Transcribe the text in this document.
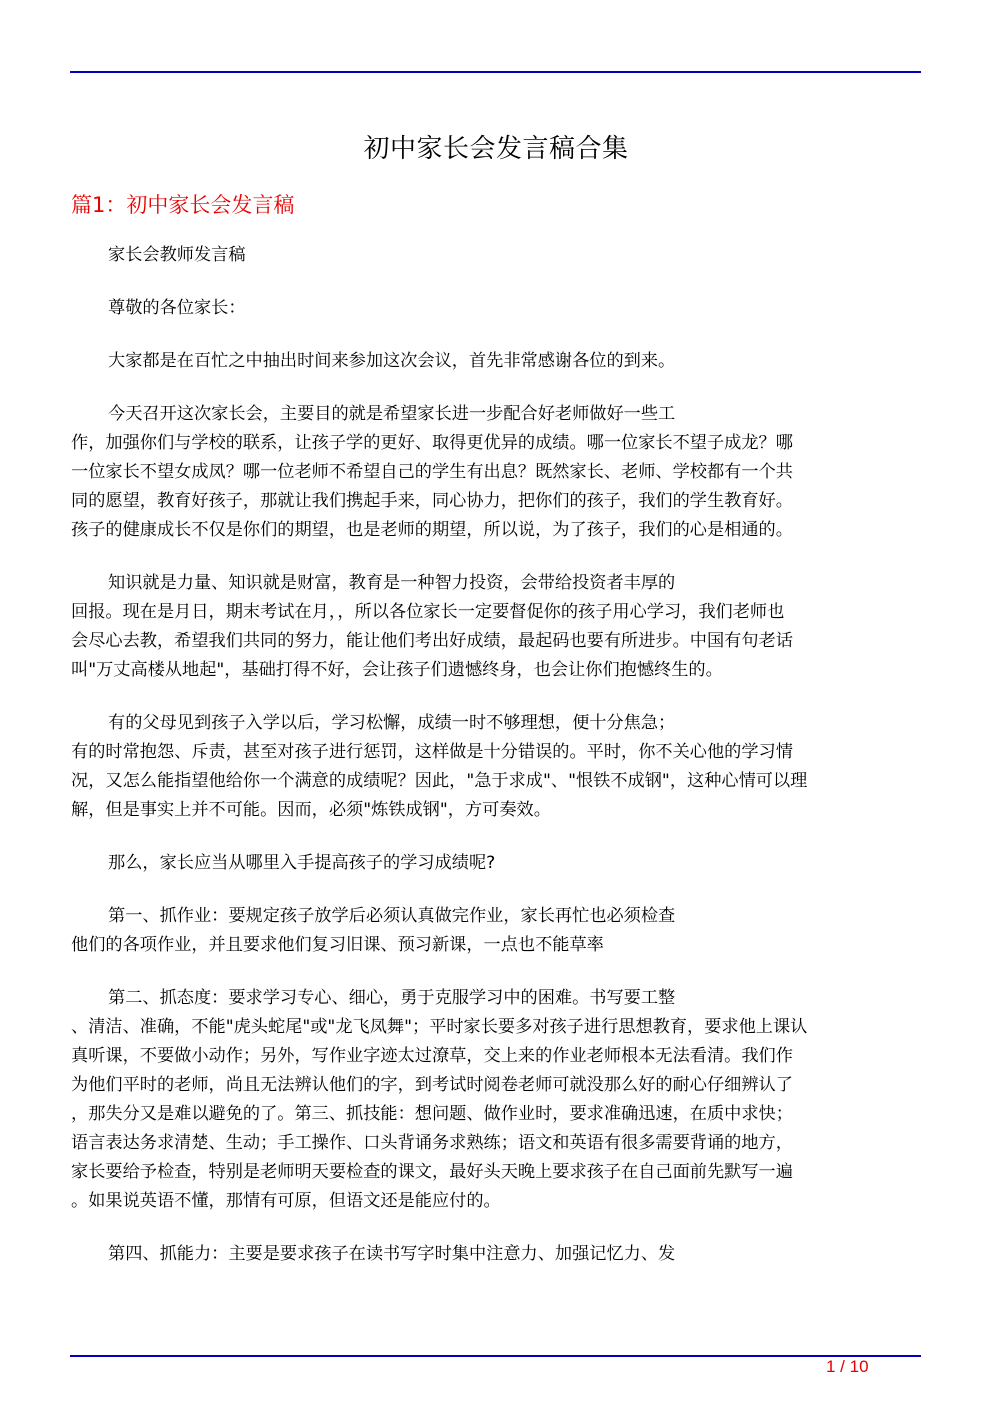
初中家长会发言稿合集
篇1：初中家长会发言稿
家长会教师发言稿
尊敬的各位家长：
大家都是在百忙之中抽出时间来参加这次会议，首先非常感谢各位的到来。
今天召开这次家长会，主要目的就是希望家长进一步配合好老师做好一些工
作，加强你们与学校的联系，让孩子学的更好、取得更优异的成绩。哪一位家长不望子成龙？哪
一位家长不望女成凤？哪一位老师不希望自己的学生有出息？既然家长、老师、学校都有一个共
同的愿望，教育好孩子，那就让我们携起手来，同心协力，把你们的孩子，我们的学生教育好。
孩子的健康成长不仅是你们的期望，也是老师的期望，所以说，为了孩子，我们的心是相通的。
知识就是力量、知识就是财富，教育是一种智力投资，会带给投资者丰厚的
回报。现在是月日，期末考试在月，，所以各位家长一定要督促你的孩子用心学习，我们老师也
会尽心去教，希望我们共同的努力，能让他们考出好成绩，最起码也要有所进步。中国有句老话
叫"万丈高楼从地起"，基础打得不好，会让孩子们遗憾终身，也会让你们抱憾终生的。
有的父母见到孩子入学以后，学习松懈，成绩一时不够理想，便十分焦急；
有的时常抱怨、斥责，甚至对孩子进行惩罚，这样做是十分错误的。平时，你不关心他的学习情
况，又怎么能指望他给你一个满意的成绩呢？因此，"急于求成"、"恨铁不成钢"，这种心情可以理
解，但是事实上并不可能。因而，必须"炼铁成钢"，方可奏效。
那么，家长应当从哪里入手提高孩子的学习成绩呢?
第一、抓作业：要规定孩子放学后必须认真做完作业，家长再忙也必须检查
他们的各项作业，并且要求他们复习旧课、预习新课，一点也不能草率
第二、抓态度：要求学习专心、细心，勇于克服学习中的困难。书写要工整
、清洁、准确，不能"虎头蛇尾"或"龙飞凤舞"；平时家长要多对孩子进行思想教育，要求他上课认
真听课，不要做小动作；另外，写作业字迹太过潦草，交上来的作业老师根本无法看清。我们作
为他们平时的老师，尚且无法辨认他们的字，到考试时阅卷老师可就没那么好的耐心仔细辨认了
，那失分又是难以避免的了。第三、抓技能：想问题、做作业时，要求准确迅速，在质中求快；
语言表达务求清楚、生动；手工操作、口头背诵务求熟练；语文和英语有很多需要背诵的地方，
家长要给予检查，特别是老师明天要检查的课文，最好头天晚上要求孩子在自己面前先默写一遍
。如果说英语不懂，那情有可原，但语文还是能应付的。
第四、抓能力：主要是要求孩子在读书写字时集中注意力、加强记忆力、发
1 / 10
